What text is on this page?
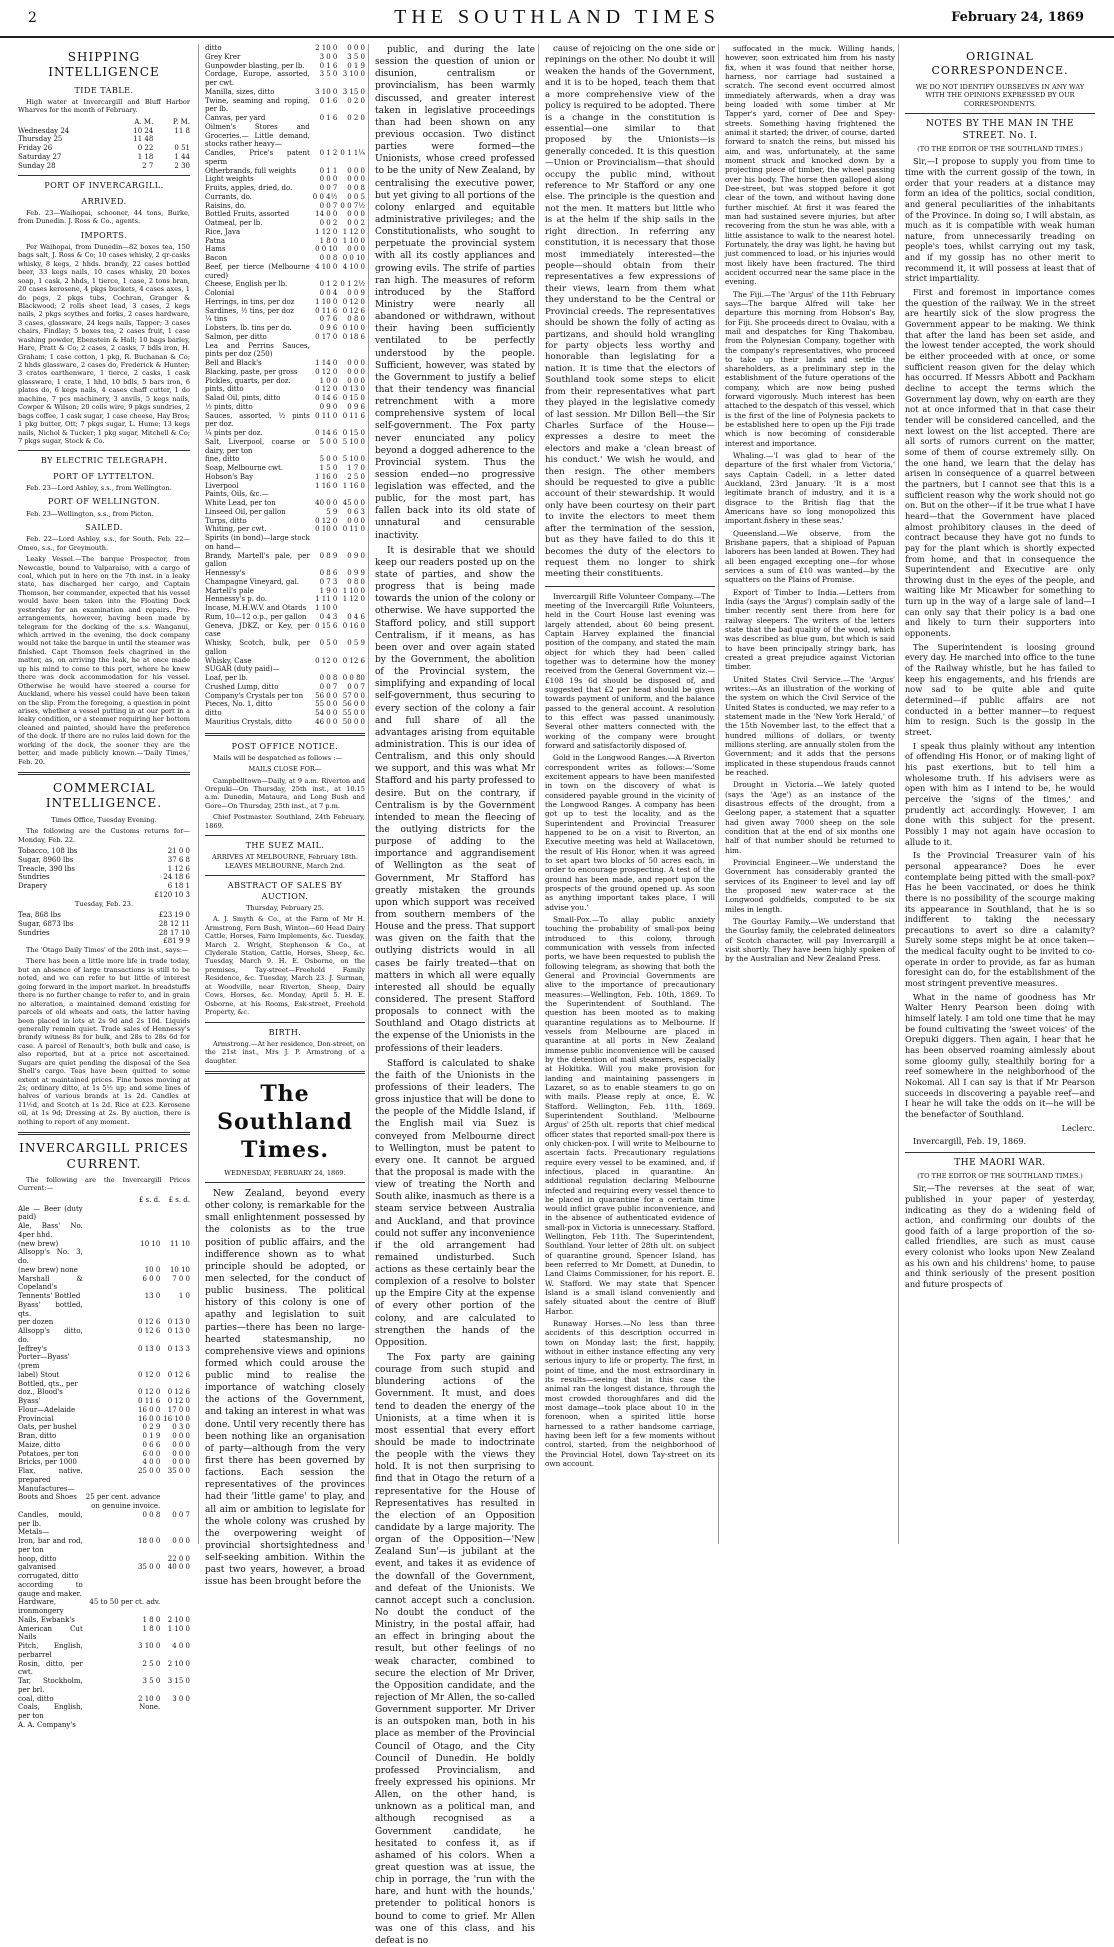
2	THE SOUTHLAND TIMES	February 24, 1869
SHIPPING INTELLIGENCE
TIDE TABLE.

High water at Invercargill and Bluff Harbor Wharves for the month of February.

	A. M.	P. M.
Wednesday 24	10 24	11 8
Thursday 25	11 48	
Friday 26	0 22	0 51
Saturday 27	1 18	1 44
Sunday 28	2 7	2 30
PORT OF INVERCARGILL.
ARRIVED.

Feb. 23—Waihopai, schooner, 44 tons, Burke, from Dunedin. J. Ross & Co., agents.

IMPORTS.

Per Waihopai, from Dunedin—82 boxes tea, 150 bags salt, J. Ross & Co; 10 cases whisky, 2 qr-casks whisky, 8 kegs, 2 hhds. brandy, 22 cases bottled beer, 33 kegs nails, 10 cases whisky, 20 boxes soap, 1 cask, 2 hhds, 1 tierce, 1 case, 2 tons bran, 20 cases kerosene, 4 pkgs buckets, 4 cases axes, 1 do pegs, 2 pkgs tubs, Cochran, Granger & Blackwood; 2 rolls sheet lead, 3 cases, 2 kegs nails, 2 pkgs scythes and forks, 2 cases hardware, 3 cases, glassware, 24 kegs nails, Tapper; 3 cases chairs, Findlay; 5 boxes tea, 2 cases fruit, 1 case washing powder, Ebenstein & Hall; 10 bags barley, Hare, Pratt & Co; 2 cases, 2 casks, 7 bdls iron, H. Graham; 1 case cotton, 1 pkg, R. Buchanan & Co; 2 hhds glassware, 2 cases do, Frederick & Hunter; 3 crates earthenware, 1 tierce, 2 casks, 1 cask glassware, 1 crate, 1 hhd, 10 bdls, 5 bars iron, 6 plates do, 6 kegs nails, 4 cases chaff cutter, 1 do machine, 7 pcs machinery, 3 anvils, 5 kegs nails, Cowper & Wilson; 20 coils wire, 9 pkgs sundries, 2 bags coffee, 1 cask sugar, 1 case cheese, Hay Bros; 1 pkg butter, Ott; 7 pkgs sugar, L. Hume; 13 kegs nails, Nichol & Tucker; 1 pkg sugar, Mitchell & Co; 7 pkgs sugar, Stock & Co.

BY ELECTRIC TELEGRAPH.
PORT OF LYTTELTON.

Feb. 23—Lord Ashley, s.s., from Wellington.

PORT OF WELLINGTON.

Feb. 23—Wellington, s.s., from Picton.

SAILED.

Feb. 22—Lord Ashley, s.s., for South. Feb. 22—Omeo, s.s., for Greymouth.

Leaky Vessel.—The barque Prospector, from Newcastle, bound to Valparaiso, with a cargo of coal, which put in here on the 7th inst. in a leaky state, has discharged her cargo, and Captain Thomson, her commander, expected that his vessel would have been taken into the Floating Dock yesterday for an examination and repairs. Pre-arrangements, however, having been made by telegram for the docking of the s.s. Wanganui, which arrived in the evening, the dock company would not take the barque in until the steamer was finished. Capt Thomson feels chagrined in the matter, as, on arriving the leak, he at once made up his mind to come to this port, where he knew there was dock accommodation for his vessel. Otherwise he would have steered a course for Auckland, where his vessel could have been taken on the slip. From the foregoing, a question in point arises, whether a vessel putting in at our port in a leaky condition, or a steamer requiring her bottom cleaned and painted, should have the preference of the dock. If there are no rules laid down for the working of the dock, the sooner they are the better, and made publicly known.—'Daily Times,' Feb. 20.

COMMERCIAL INTELLIGENCE.

Times Office, Tuesday Evening.

The following are the Customs returns for—Monday, Feb. 22.

Tobacco, 108 lbs	21 0 0
Sugar, 8960 lbs	37 6 8
Treacle, 390 lbs	1 12 6
Sundries	24 18 6
Drapery	6 18 1
	£120 10 3

Tuesday, Feb. 23.

Tea, 868 lbs	£23 19 0
Sugar, 6873 lbs	28 12 11
Sundries	28 17 10
	£81 9 9

The 'Otago Daily Times' of the 20th inst., says:—

There has been a little more life in trade today, but an absence of large transactions is still to be noted, and we can refer to but little of interest going forward in the import market. In breadstuffs there is no further change to refer to, and in grain no alteration, a maintained demand existing for parcels of old wheats and oats, the latter having been placed in lots at 2s 9d and 2s 10d. Liquids generally remain quiet. Trade sales of Hennessy's brandy witness 8s for bulk, and 28s to 28s 6d for case. A parcel of Renault's, both bulk and case, is also reported, but at a price not ascertained. Sugars are quiet pending the disposal of the Sea Shell's cargo. Teas have been quitted to some extent at maintained prices. Fine boxes moving at 2s; ordinary ditto, at 1s 5½ up; and some lines of halves of various brands at 1s 2d. Candles at 11½d, and Scotch at 1s 2d. Rice at £23. Kerosene oil, at 1s 9d; Dressing at 2s. By auction, there is nothing to report of any moment.

INVERCARGILL PRICES CURRENT.

The following are the Invercargill Prices Current:—

	£ s. d.	£ s. d.
Ale — Beer (duty paid)		
Ale, Bass' No. 4per hhd.		
(new brew)	10 10	11 10
Allsopp's No. 3, do.		
(new brew) none	10 0	10 10
Marshall & Copeland's	6 0 0	7 0 0
Tennents' Bottled	13 0	1 0
Byass' bottled, qts.		
per dozen	0 12 6	0 13 0
Allsopp's ditto, do.	0 12 6	0 13 0
Jeffrey's	0 13 0	0 13 3
Porter—Byass' (prem		
label) Stout	0 12 0	0 12 6
Bottled, qts., per		
doz., Blood's	0 12 0	0 12 6
Byass'	0 11 6	0 12 0
Flour—Adelaide	16 0 0	17 0 0
Provincial	16 0 0	16 10 0
Oats, per bushel	0 2 9	0 3 0
Bran, ditto	0 1 9	0 0 0
Maize, ditto	0 6 6	0 0 0
Potatoes, per ton	6 0 0	0 0 0
Bricks, per 1000	4 0 0	0 0 0
Flax, native, prepared	25 0 0	35 0 0
Manufactures—		
Boots and Shoes	25 per cent. advance	
	on genuine invoice.	
Candles, mould, per lb.	0 0 8	0 0 7
Metals—		
Iron, bar and rod, per ton	18 0 0	0 0 0
hoop, ditto		22 0 0
galvanised corrugated, ditto	35 0 0	40 0 0
according to gauge and maker.		
Hardware, ironmongery	45 to 50 per ct. adv.	
Nails, Ewbank's	1 8 0	2 10 0
American Cut Nails	1 8 0	1 10 0
Pitch, English, perbarrel	3 10 0	4 0 0
Rosin, ditto, per cwt.	2 5 0	2 10 0
Tar, Stockholm, per brl.	3 5 0	3 15 0
coal, ditto	2 10 0	3 0 0
Coals, English, per ton	None.	
A. A. Company's		
ditto	2 10 0	0 0 0
Grey Krer	3 0 0	3 5 0
Gunpowder blasting, per lb.	0 1 6	0 1 9
Cordage, Europe, assorted, per cwt.	3 5 0	3 10 0
Manilla, sizes, ditto	3 10 0	3 15 0
Twine, seaming and roping, per lb.	0 1 6	0 2 0
Canvas, per yard	0 1 6	0 2 0
Oilmen's Stores and Groceries.— Little demand, stocks rather heavy—		
Candles, Price's patent sperm	0 1 2	0 1 1¼
Otherbrands, full weights	0 1 1	0 0 0
Light weights	0 0 0	0 0 0
Fruits, apples, dried, do.	0 0 7	0 0 8
Currants, do.	0 0 4½	0 0 5
Raisins, do.	0 0 7	0 0 7½
Bottled Fruits, assorted	14 0 0	0 0 0
Oatmeal, per lb.	0 0 2	0 0 2
Rice, Java	1 12 0	1 12 0
Patna	1 8 0	1 10 0
Hams	0 0 10	0 0 0
Bacon	0 0 8	0 0 10
Beef, per tierce (Melbourne cured)	4 10 0	4 10 0
Cheese, English per lb.	0 1 2	0 1 2½
Colonial	0 0 4	0 0 9
Herrings, in tins, per doz	1 10 0	0 12 0
Sardines, ½ tins, per doz	0 11 6	0 12 6
¼ tins	0 7 6	0 8 0
Lobsters, lb. tins per do.	0 9 6	0 10 0
Salmon, per ditto	0 17 0	0 18 6
Lea and Perrins Sauces, pints per doz (250)		
Bell and Black's	1 14 0	0 0 0
Blacking, paste, per gross	0 12 0	0 0 0
Pickles, quarts, per doz.	1 0 0	0 0 0
pints, ditto	0 12 0	0 13 0
Salad Oil, pints, ditto	0 14 6	0 15 0
½ pints, ditto	0 9 0	0 9 6
Sauces, assorted, ½ pints per doz.	0 11 0	0 11 6
¼ pints per doz.	0 14 6	0 15 0
Salt, Liverpool, coarse or dairy, per ton	5 0 0	5 10 0
fine, ditto	5 0 0	5 10 0
Soap, Melbourne cwt.	1 5 0	1 7 0
Hobson's Bay	1 16 0	2 5 0
Liverpool	1 16 0	1 16 0
Paints, Oils, &c.—		
White Lead, per ton	40 0 0	45 0 0
Linseed Oil, per gallon	5 9	0 6 3
Turps, ditto	0 12 0	0 0 0
Whiting, per cwt.	0 10 0	0 11 0
Spirits (in bond)—large stock on hand—		
Brandy, Martell's pale, per gallon	0 8 9	0 9 0
Hennessy's	0 8 6	0 9 9
Champagne Vineyard, gal.	0 7 3	0 8 0
Martell's pale	1 9 0	1 10 0
Hennessy's p. do.	1 11 0	1 12 0
Incase, M.H.W.V. and Otards	1 10 0	
Rum, 10—12 o.p., per gallon	0 4 3	0 4 6
Geneva, JDKZ, or Key, per case	0 15 6	0 16 0
Whisky, Scotch, bulk, per gallon	0 5 0	0 5 9
Whisky, Case	0 12 0	0 12 6
SUGAR (duty paid)—		
Loaf, per lb.	0 0 8	0 0 80
Crushed Lump, ditto	0 0 7	0 0 7
Company's Crystals per ton	56 0 0	57 0 0
Pieces, No. 1, ditto	55 0 0	56 0 0
ditto	54 0 0	55 0 0
Mauritius Crystals, ditto	46 0 0	50 0 0
POST OFFICE NOTICE.

Mails will be despatched as follows :—

MAILS CLOSE FOR—

Campbelltown—Daily, at 9 a.m. Riverton and Orepuki—On Thursday, 25th inst., at 10.15 a.m. Dunedin, Mataura, and Long Bush and Gore—On Thursday, 25th inst., at 7 p.m.

Chief Postmaster. Southland, 24th February, 1869.

THE SUEZ MAIL.

ARRIVES AT MELBOURNE, February 18th. LEAVES MELBOURNE, March 2nd.

ABSTRACT OF SALES BY AUCTION.

Thursday, February 25.

A. J. Smyth & Co., at the Farm of Mr H. Armstrong, Fern Bush, Winton—60 Head Dairy Cattle, Horses, Farm Implements, &c. Tuesday, March 2. Wright, Stephenson & Co., at Clyderale Station, Cattle, Horses, Sheep, &c. Tuesday, March 9. H. E. Osborne, on the premises, Tay-street—Freehold Family Residence, &c. Tuesday, March 23. J. Surman, at Woodville, near Riverton, Sheep, Dairy Cows, Horses, &c. Monday, April 5. H. E. Osborne, at his Rooms, Esk-street, Freehold Property, &c.

BIRTH.

Armstrong.—At her residence, Don-street, on the 21st inst., Mrs J. P. Armstrong of a daughter.

The Southland Times.

WEDNESDAY, FEBRUARY 24, 1869.

New Zealand, beyond every other colony, is remarkable for the small enlightenment possessed by the colonists as to the true position of public affairs, and the indifference shown as to what principle should be adopted, or men selected, for the conduct of public business. The political history of this colony is one of apathy and legislation to suit parties—there has been no large-hearted statesmanship, no comprehensive views and opinions formed which could arouse the public mind to realise the importance of watching closely the actions of the Government, and taking an interest in what was done. Until very recently there has been nothing like an organisation of party—although from the very first there has been governed by factions. Each session the representatives of the provinces had their 'little game' to play, and all aim or ambition to legislate for the whole colony was crushed by the overpowering weight of provincial shortsightedness and self-seeking ambition. Within the past two years, however, a broad issue has been brought before the

public, and during the late session the question of union or disunion, centralism or provincialism, has been warmly discussed, and greater interest taken in legislative proceedings than had been shown on any previous occasion. Two distinct parties were formed—the Unionists, whose creed professed to be the unity of New Zealand, by centralising the executive power, but yet giving to all portions of the colony enlarged and equitable administrative privileges; and the Constitutionalists, who sought to perpetuate the provincial system with all its costly appliances and growing evils. The strife of parties ran high. The measures of reform introduced by the Stafford Ministry were nearly all abandoned or withdrawn, without their having been sufficiently ventilated to be perfectly understood by the people. Sufficient, however, was stated by the Government to justify a belief that their tendency was financial retrenchment with a more comprehensive system of local self-government. The Fox party never enunciated any policy beyond a dogged adherence to the Provincial system. Thus the session ended—no progressive legislation was effected, and the public, for the most part, has fallen back into its old state of unnatural and censurable inactivity.

It is desirable that we should keep our readers posted up on the state of parties, and show the progress that is being made towards the union of the colony or otherwise. We have supported the Stafford policy, and still support Centralism, if it means, as has been over and over again stated by the Government, the abolition of the Provincial system, the simplifying and expanding of local self-government, thus securing to every section of the colony a fair and full share of all the advantages arising from equitable administration. This is our idea of Centralism, and this only should we support, and this was what Mr Stafford and his party professed to desire. But on the contrary, if Centralism is by the Government intended to mean the fleecing of the outlying districts for the purpose of adding to the importance and aggrandisement of Wellington as the seat of Government, Mr Stafford has greatly mistaken the grounds upon which support was received from southern members of the House and the press. That support was given on the faith that the outlying districts would in all cases be fairly treated—that on matters in which all were equally interested all should be equally considered. The present Stafford proposals to connect with the Southland and Otago districts at the expense of the Unionists in the professions of their leaders.

Stafford is calculated to shake the faith of the Unionists in the professions of their leaders. The gross injustice that will be done to the people of the Middle Island, if the English mail via Suez is conveyed from Melbourne direct to Wellington, must be patent to every one. It cannot be argued that the proposal is made with the view of treating the North and South alike, inasmuch as there is a steam service between Australia and Auckland, and that province could not suffer any inconvenience if the old arrangement had remained undisturbed. Such actions as these certainly bear the complexion of a resolve to bolster up the Empire City at the expense of every other portion of the colony, and are calculated to strengthen the hands of the Opposition.

The Fox party are gaining courage from such stupid and blundering actions of the Government. It must, and does tend to deaden the energy of the Unionists, at a time when it is most essential that every effort should be made to indoctrinate the people with the views they hold. It is not then surprising to find that in Otago the return of a representative for the House of Representatives has resulted in the election of an Opposition candidate by a large majority. The organ of the Opposition—'New Zealand Sun'—is jubilant at the event, and takes it as evidence of the downfall of the Government, and defeat of the Unionists. We cannot accept such a conclusion. No doubt the conduct of the Ministry, in the postal affair, had an effect in bringing about the result, but other feelings of no weak character, combined to secure the election of Mr Driver, the Opposition candidate, and the rejection of Mr Allen, the so-called Government supporter. Mr Driver is an outspoken man, both in his place as member of the Provincial Council of Otago, and the City Council of Dunedin. He boldly professed Provincialism, and freely expressed his opinions. Mr Allen, on the other hand, is unknown as a political man, and although recognised as a Government candidate, he hesitated to confess it, as if ashamed of his colors. When a great question was at issue, the chip in porrage, the 'run with the hare, and hunt with the hounds,' pretender to political honors is bound to come to grief. Mr Allen was one of this class, and his defeat is no

cause of rejoicing on the one side or repinings on the other. No doubt it will weaken the hands of the Government, and it is to be hoped, teach them that a more comprehensive view of the policy is required to be adopted. There is a change in the constitution is essential—one similar to that proposed by the Unionists—is generally conceded. It is this question—Union or Provincialism—that should occupy the public mind, without reference to Mr Stafford or any one else. The principle is the question and not the men. It matters but little who is at the helm if the ship sails in the right direction. In referring any constitution, it is necessary that those most immediately interested—the people—should obtain from their representatives a few expressions of their views, learn from them what they understand to be the Central or Provincial creeds. The representatives should be shown the folly of acting as partizans, and should hold wrangling for party objects less worthy and honorable than legislating for a nation. It is time that the electors of Southland took some steps to elicit from their representatives what part they played in the legislative comedy of last session. Mr Dillon Bell—the Sir Charles Surface of the House—expresses a desire to meet the electors and make a 'clean breast of his conduct.' We wish he would, and then resign. The other members should be requested to give a public account of their stewardship. It would only have been courtesy on their part to invite the electors to meet them after the termination of the session, but as they have failed to do this it becomes the duty of the electors to request them no longer to shirk meeting their constituents.

Invercargill Rifle Volunteer Company.—The meeting of the Invercargill Rifle Volunteers, held in the Court House last evening was largely attended, about 60 being present. Captain Harvey explained the financial position of the company, and stated the main object for which they had been called together was to determine how the money received from the General Government viz.—£108 19s 6d should be disposed of, and suggested that £2 per head should be given towards payment of uniform, and the balance passed to the general account. A resolution to this effect was passed unanimously. Several other matters connected with the working of the company were brought forward and satisfactorily disposed of.

Gold in the Longwood Ranges.—A Riverton correspondent writes as follows:—'Some excitement appears to have been manifested in town on the discovery of what is considered payable ground in the vicinity of the Longwood Ranges. A company has been got up to test the locality, and as the Superintendent and Provincial Treasurer happened to be on a visit to Riverton, an Executive meeting was held at Wallacetown, the result of His Honor, when it was agreed to set apart two blocks of 50 acres each, in order to encourage prospecting. A test of the ground has been made, and report upon the prospects of the ground opened up. As soon as anything important takes place, I will advise you.'

Small-Pox.—To allay public anxiety touching the probability of small-pox being introduced to this colony, through communication with vessels from infected ports, we have been requested to publish the following telegram, as showing that both the General and Provincial Governments are alive to the importance of precautionary measures:—Wellington, Feb. 10th, 1869. To the Superintendent of Southland. The question has been mooted as to making quarantine regulations as to Melbourne. If vessels from Melbourne are placed in quarantine at all ports in New Zealand immense public inconvenience will be caused by the detention of mail steamers, especially at Hokitika. Will you make provision for landing and maintaining passengers in Lazaret, so as to enable steamers to go on with mails. Please reply at once, E. W. Stafford. Wellington, Feb. 11th, 1869. Superintendent Southland. 'Melbourne Argus' of 25th ult. reports that chief medical officer states that reported small-pox there is only chicken-pox. I will write to Melbourne to ascertain facts. Precautionary regulations require every vessel to be examined, and, if infectious, placed in quarantine. An additional regulation declaring Melbourne infected and requiring every vessel thence to be placed in quarantine for a certain time would inflict grave public inconvenience, and in the absence of authenticated evidence of small-pox in Victoria is unnecessary. Stafford. Wellington, Feb 11th. The Superintendent, Southland. Your letter of 28th ult. on subject of quarantine ground, Spencer Island, has been referred to Mr Domett, at Dunedin, to Land Claims Commissioner, for his report. E. W. Stafford. We may state that Spencer Island is a small island conveniently and safely situated about the centre of Bluff Harbor.

Runaway Horses.—No less than three accidents of this description occurred in town on Monday last; the first, happily, without in either instance effecting any very serious injury to life or property. The first, in point of time, and the most extraordinary in its results—seeing that in this case the animal ran the longest distance, through the most crowded thoroughfares and did the most damage—took place about 10 in the forenoon, when a spirited little horse harnessed to a rather handsome carriage, having been left for a few moments without control, started, from the neighborhood of the Provincial Hotel, down Tay-street on its own account.

suffocated in the muck. Willing hands, however, soon extricated him from his nasty fix, when it was found that neither horse, harness, nor carriage had sustained a scratch. The second event occurred almost immediately afterwards, when a dray was being loaded with some timber at Mr Tapper's yard, corner of Dee and Spey-streets. Something having frightened the animal it started; the driver, of course, darted forward to snatch the reins, but missed his aim, and was, unfortunately, at the same moment struck and knocked down by a projecting piece of timber, the wheel passing over his body. The horse then galloped along Dee-street, but was stopped before it got clear of the town, and without having done further mischief. At first it was feared the man had sustained severe injuries, but after recovering from the stun he was able, with a little assistance to walk to the nearest hotel. Fortunately, the dray was light, he having but just commenced to load, or his injuries would most likely have been fractured. The third accident occurred near the same place in the evening.

The Fiji.—The 'Argus' of the 11th February says—The barque Alfred will take her departure this morning from Hobson's Bay, for Fiji. She proceeds direct to Ovalau, with a mail and despatches for King Thakombau, from the Polynesian Company, together with the company's representatives, who proceed to take up their lands and settle the shareholders, as a preliminary step in the establishment of the future operations of the company, which are now being pushed forward vigorously. Much interest has been attached to the despatch of this vessel, which is the first of the line of Polynesia packets to be established here to open up the Fiji trade which is now becoming of considerable interest and importance.

Whaling.—'I was glad to hear of the departure of the first whaler from Victoria,' says Captain Cadell, in a letter dated Auckland, 23rd January. 'It is a most legitimate branch of industry, and it is a disgrace to the British flag that the Americans have so long monopolized this important fishery in these seas.'

Queensland.—We observe, from the Brisbane papers, that a shipload of Papuan laborers has been landed at Bowen. They had all been engaged excepting one—for whose services a sum of £10 was wanted—by the squatters on the Plains of Promise.

Export of Timber to India.—Letters from India (says the 'Argus') complain sadly of the timber recently sent there from here for railway sleepers. The writers of the letters state that the bad quality of the wood, which was described as blue gum, but which is said to have been principally stringy bark, has created a great prejudice against Victorian timber.

United States Civil Service.—The 'Argus' writes:—As an illustration of the working of the system on which the Civil Service of the United States is conducted, we may refer to a statement made in the 'New York Herald,' of the 15th November last, to the effect that a hundred millions of dollars, or twenty millions sterling, are annually stolen from the Government; and it adds that the persons implicated in these stupendous frauds cannot be reached.

Drought in Victoria.—We lately quoted (says the 'Age') as an instance of the disastrous effects of the drought, from a Geelong paper, a statement that a squatter had given away 7000 sheep on the sole condition that at the end of six months one half of that number should be returned to him.

Provincial Engineer.—We understand the Government has considerably granted the services of its Engineer to level and lay off the proposed new water-race at the Longwood goldfields, computed to be six miles in length.

The Gourlay Family.—We understand that the Gourlay family, the celebrated delineators of Scotch character, will pay Invercargill a visit shortly. They have been highly spoken of by the Australian and New Zealand Press.

ORIGINAL CORRESPONDENCE.

WE DO NOT IDENTIFY OURSELVES IN ANY WAY WITH THE OPINIONS EXPRESSED BY OUR CORRESPONDENTS.

NOTES BY THE MAN IN THE STREET. No. I.

(TO THE EDITOR OF THE SOUTHLAND TIMES.)

Sir,—I propose to supply you from time to time with the current gossip of the town, in order that your readers at a distance may form an idea of the politics, social condition, and general peculiarities of the inhabitants of the Province. In doing so, I will abstain, as much as it is compatible with weak human nature, from unnecessarily treading on people's toes, whilst carrying out my task, and if my gossip has no other merit to recommend it, it will possess at least that of strict impartiality.

First and foremost in importance comes the question of the railway. We in the street are heartily sick of the slow progress the Government appear to be making. We think that after the land has been set aside, and the lowest tender accepted, the work should be either proceeded with at once, or some sufficient reason given for the delay which has occurred. If Messrs Abbott and Packham decline to accept the terms which the Government lay down, why on earth are they not at once informed that in that case their tender will be considered cancelled, and the next lowest on the list accepted. There are all sorts of rumors current on the matter, some of them of course extremely silly. On the one hand, we learn that the delay has arisen in consequence of a quarrel between the partners, but I cannot see that this is a sufficient reason why the work should not go on. But on the other—if it be true what I have heard—that the Government have placed almost prohibitory clauses in the deed of contract because they have got no funds to pay for the plant which is shortly expected from home, and that in consequence the Superintendent and Executive are only throwing dust in the eyes of the people, and waiting like Mr Micawber for something to turn up in the way of a large sale of land—I can only say that their policy is a bad one and likely to turn their supporters into opponents.

The Superintendent is loosing ground every day. He marched into office to the tune of the Railway whistle, but he has failed to keep his engagements, and his friends are now sad to be quite able and quite determined—if public affairs are not conducted in a better manner—to request him to resign. Such is the gossip in the street.

I speak thus plainly without any intention of offending His Honor, or of making light of his past exertions, but to tell him a wholesome truth. If his advisers were as open with him as I intend to be, he would perceive the 'signs of the times,' and prudently act accordingly. However, I am done with this subject for the present. Possibly I may not again have occasion to allude to it.

Is the Provincial Treasurer vain of his personal appearance? Does he ever contemplate being pitted with the small-pox? Has he been vaccinated, or does he think there is no possibility of the scourge making its appearance in Southland, that he is so indifferent to taking the necessary precautions to avert so dire a calamity? Surely some steps might be at once taken—the medical faculty ought to be invited to co-operate in order to provide, as far as human foresight can do, for the establishment of the most stringent preventive measures.

What in the name of goodness has Mr Walter Henry Pearson been doing with himself lately. I am told one time that he may be found cultivating the 'sweet voices' of the Orepuki diggers. Then again, I hear that he has been observed roaming aimlessly about some gloomy gully, stealthily boring for a reef somewhere in the neighborhood of the Nokomai. All I can say is that if Mr Pearson succeeds in discovering a payable reef—and I hear he will take the odds on it—he will be the benefactor of Southland.

Leclerc.

Invercargill, Feb. 19, 1869.

THE MAORI WAR.

(TO THE EDITOR OF THE SOUTHLAND TIMES.)

Sir,—The reverses at the seat of war, published in your paper of yesterday, indicating as they do a widening field of action, and confirming our doubts of the good faith of a large proportion of the so-called friendlies, are such as must cause every colonist who looks upon New Zealand as his own and his childrens' home, to pause and think seriously of the present position and future prospects of
